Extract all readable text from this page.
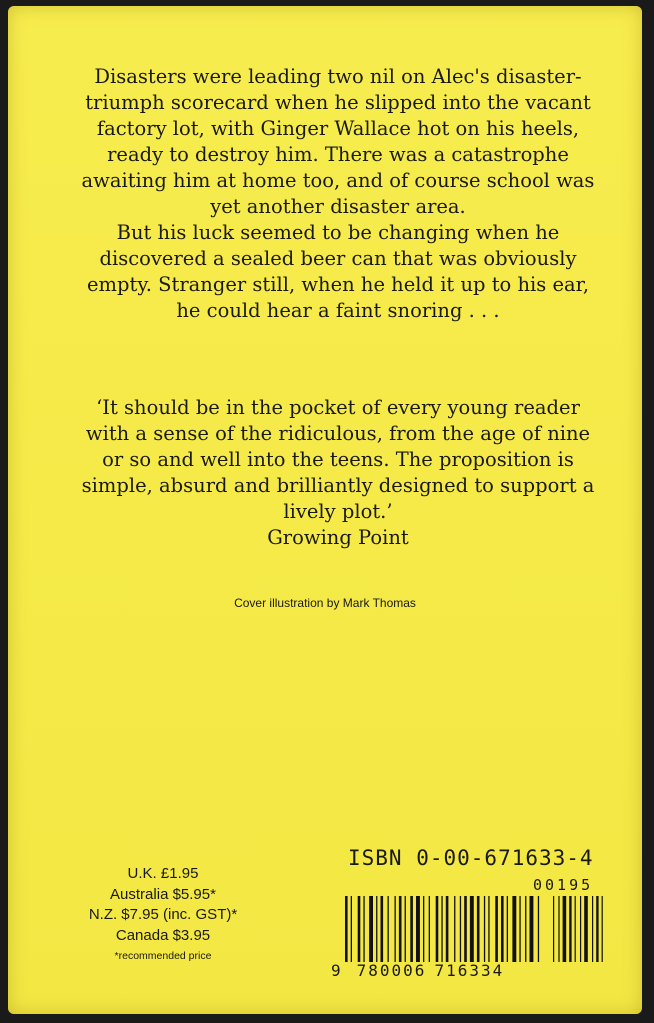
Disasters were leading two nil on Alec's disaster-triumph scorecard when he slipped into the vacant factory lot, with Ginger Wallace hot on his heels, ready to destroy him. There was a catastrophe awaiting him at home too, and of course school was yet another disaster area.

But his luck seemed to be changing when he discovered a sealed beer can that was obviously empty. Stranger still, when he held it up to his ear, he could hear a faint snoring . . .

‘It should be in the pocket of every young reader with a sense of the ridiculous, from the age of nine or so and well into the teens. The proposition is simple, absurd and brilliantly designed to support a lively plot.’

Growing Point

Cover illustration by Mark Thomas
U.K. £1.95
Australia $5.95*
N.Z. $7.95 (inc. GST)*
Canada $3.95
*recommended price
ISBN 0-00-671633-4
00195
9 780006 716334
